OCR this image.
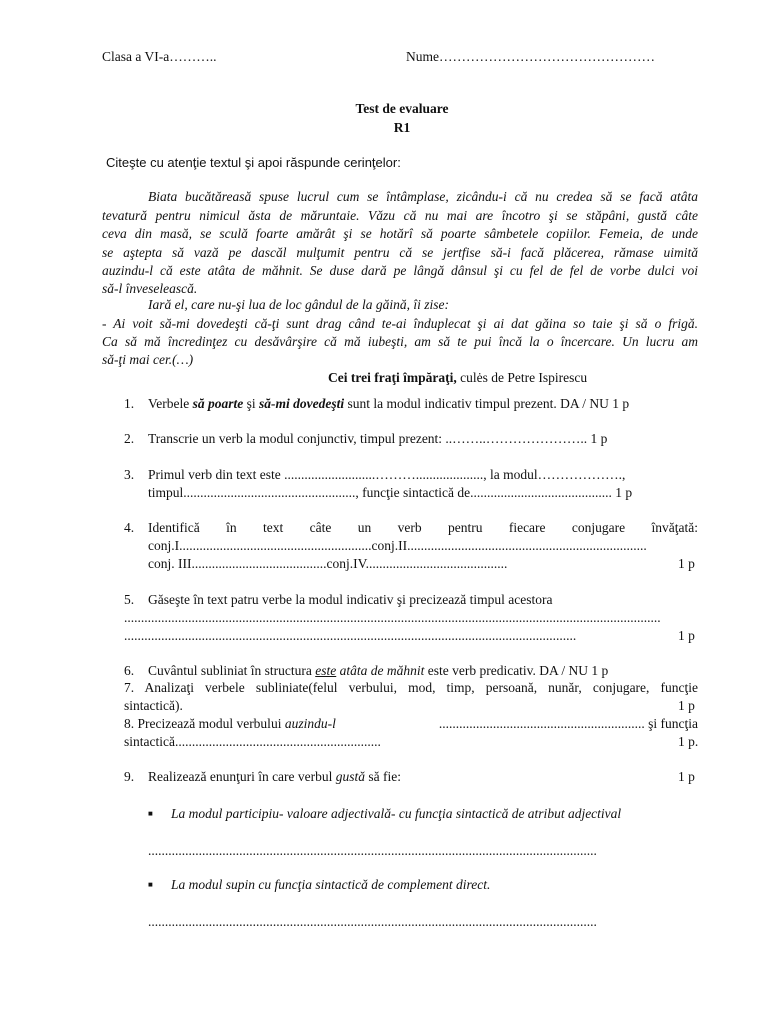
Clasa a VI-a………..	Nume…………………………………………
Test de evaluare
R1
Citeşte cu atenţie textul şi apoi răspunde cerinţelor:
Biata bucătăreasă spuse lucrul cum se întâmplase, zicându-i că nu credea să se facă atâta
tevatură pentru nimicul ăsta de măruntaie. Văzu că nu mai are încotro şi se stăpâni, gustă câte
ceva din masă, se sculă foarte amărât şi se hotărî să poarte sâmbetele copiilor. Femeia, de unde
se aştepta să vază pe dascăl mulţumit pentru că se jertfise să-i facă plăcerea, rămase uimită
auzindu-l că este atâta de măhnit. Se duse dară pe lângă dânsul şi cu fel de fel de vorbe dulci voi
să-l înveselească.
Iară el, care nu-şi lua de loc gândul de la găină, îi zise:
- Ai voit să-mi dovedeşti că-ţi sunt drag când te-ai înduplecat şi ai dat găina so taie şi să o frigă.
Ca să mă încredinţez cu desăvârşire că mă iubeşti, am să te pui încă la o încercare. Un lucru am
să-ţi mai cer.(…)
Cei trei fraţi împăraţi, culės de Petre Ispirescu
1. Verbele să poarte şi să-mi dovedeşti sunt la modul indicativ timpul prezent. DA / NU 1 p
2. Transcrie un verb la modul conjunctiv, timpul prezent: ..……..………………….. 1 p
3. Primul verb din text este ...........................………...................., la modul……………….,
timpul..................................................., funcţie sintactică de.......................................... 1 p
4. Identifică în text câte un verb pentru fiecare conjugare învăţată:
conj.I.........................................................conj.II.......................................................................
conj. III........................................conj.IV..........................................	1 p
5. Găseşte în text patru verbe la modul indicativ şi precizează timpul acestora
...............................................................................................................................................................
......................................................................................................................................	1 p
6. Cuvântul subliniat în structura este atâta de măhnit este verb predicativ. DA / NU 1 p
7. Analizaţi verbele subliniate(felul verbului, mod, timp, persoană, nunăr, conjugare, funcţie
sintactică).	1 p
8. Precizează modul verbului auzindu-l	............................................................. şi funcţia
sintactică.............................................................	1 p.
9. Realizează enunţuri în care verbul gustă să fie:	1 p
■ La modul participiu- valoare adjectivală- cu funcţia sintactică de atribut adjectival
.....................................................................................................................................
■ La modul supin cu funcţia sintactică de complement direct.
.....................................................................................................................................
